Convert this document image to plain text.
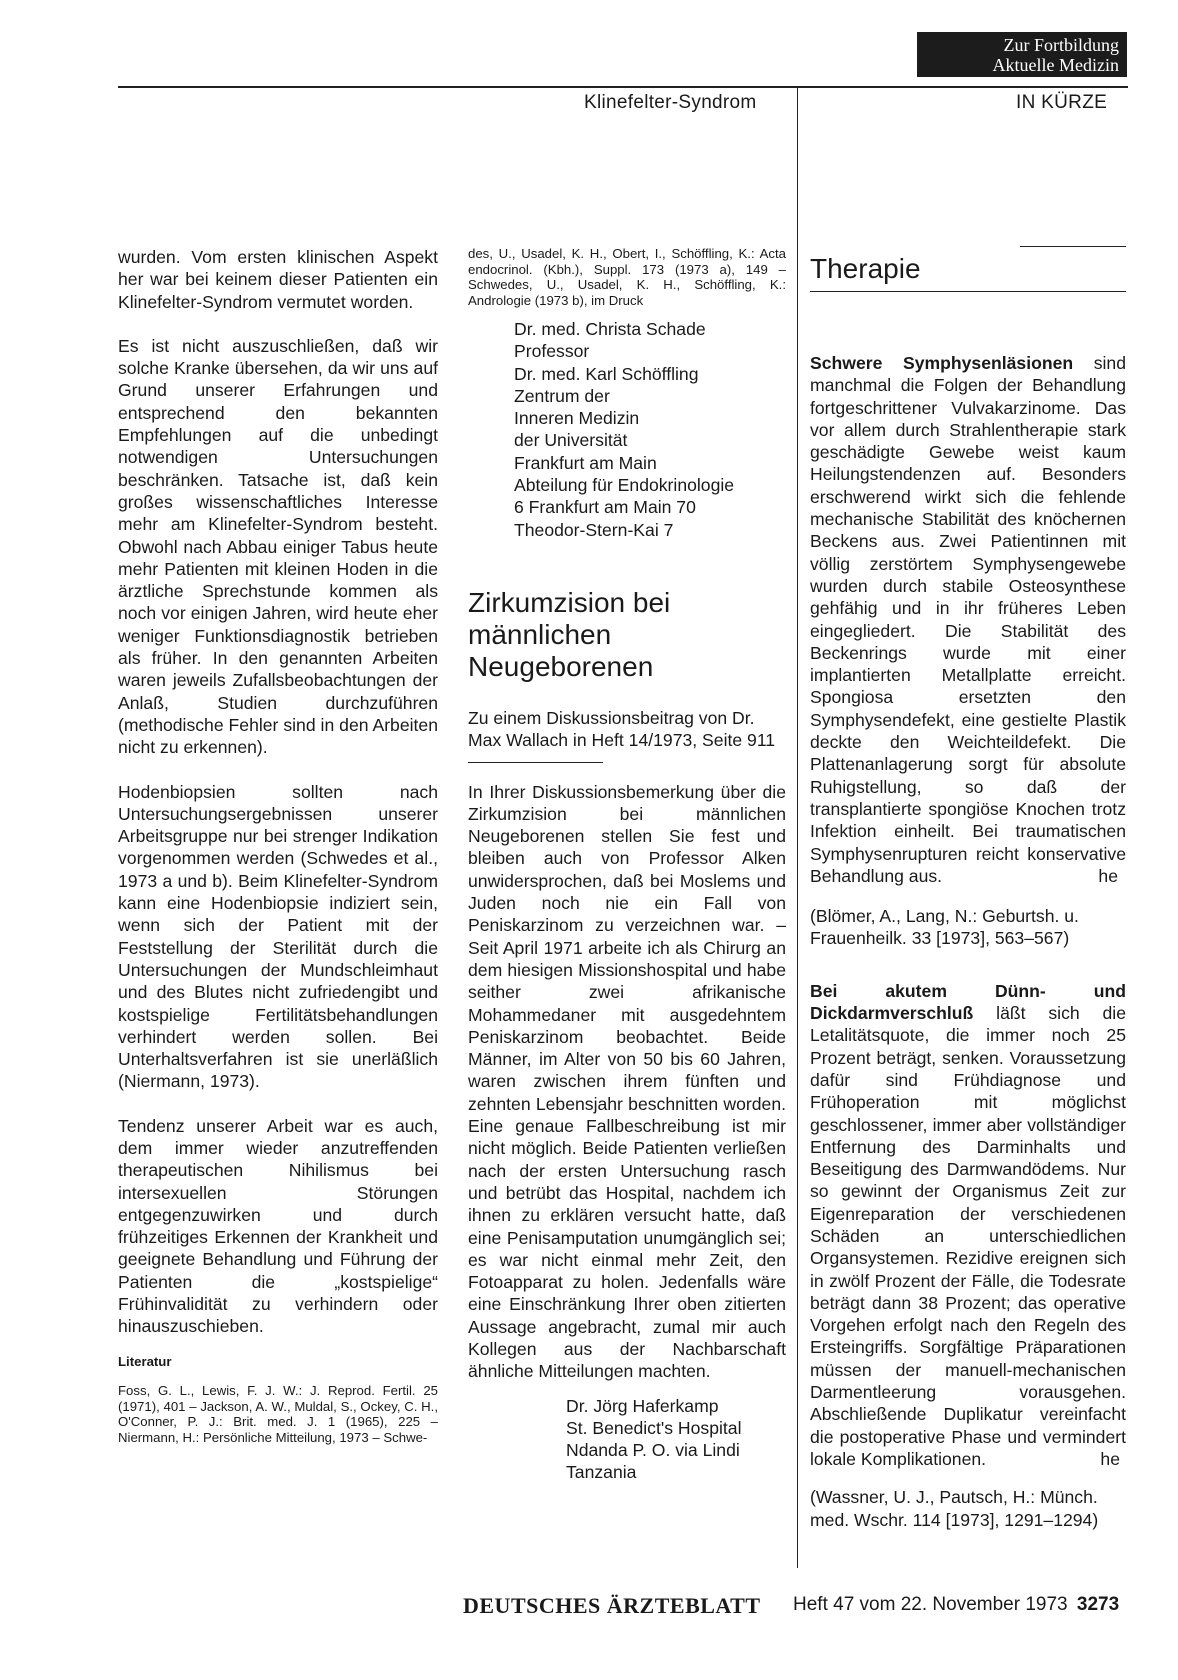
Zur Fortbildung
Aktuelle Medizin
Klinefelter-Syndrom	IN KÜRZE

wurden. Vom ersten klinischen Aspekt her war bei keinem dieser Patienten ein Klinefelter-Syndrom vermutet worden.

Es ist nicht auszuschließen, daß wir solche Kranke übersehen, da wir uns auf Grund unserer Erfahrungen und entsprechend den bekannten Empfehlungen auf die unbedingt notwendigen Untersuchungen beschränken. Tatsache ist, daß kein großes wissenschaftliches Interesse mehr am Klinefelter-Syndrom besteht. Obwohl nach Abbau einiger Tabus heute mehr Patienten mit kleinen Hoden in die ärztliche Sprechstunde kommen als noch vor einigen Jahren, wird heute eher weniger Funktionsdiagnostik betrieben als früher. In den genannten Arbeiten waren jeweils Zufallsbeobachtungen der Anlaß, Studien durchzuführen (methodische Fehler sind in den Arbeiten nicht zu erkennen).

Hodenbiopsien sollten nach Untersuchungsergebnissen unserer Arbeitsgruppe nur bei strenger Indikation vorgenommen werden (Schwedes et al., 1973 a und b). Beim Klinefelter-Syndrom kann eine Hodenbiopsie indiziert sein, wenn sich der Patient mit der Feststellung der Sterilität durch die Untersuchungen der Mundschleimhaut und des Blutes nicht zufriedengibt und kostspielige Fertilitätsbehandlungen verhindert werden sollen. Bei Unterhaltsverfahren ist sie unerläßlich (Niermann, 1973).

Tendenz unserer Arbeit war es auch, dem immer wieder anzutreffenden therapeutischen Nihilismus bei intersexuellen Störungen entgegenzuwirken und durch frühzeitiges Erkennen der Krankheit und geeignete Behandlung und Führung der Patienten die „kostspielige“ Frühinvalidität zu verhindern oder hinauszuschieben.

Literatur

Foss, G. L., Lewis, F. J. W.: J. Reprod. Fertil. 25 (1971), 401 – Jackson, A. W., Muldal, S., Ockey, C. H., O'Conner, P. J.: Brit. med. J. 1 (1965), 225 – Niermann, H.: Persönliche Mitteilung, 1973 – Schwe-

des, U., Usadel, K. H., Obert, I., Schöffling, K.: Acta endocrinol. (Kbh.), Suppl. 173 (1973 a), 149 – Schwedes, U., Usadel, K. H., Schöffling, K.: Andrologie (1973 b), im Druck

Dr. med. Christa Schade
Professor
Dr. med. Karl Schöffling
Zentrum der
Inneren Medizin
der Universität
Frankfurt am Main
Abteilung für Endokrinologie
6 Frankfurt am Main 70
Theodor-Stern-Kai 7
Zirkumzision bei
männlichen
Neugeborenen

Zu einem Diskussionsbeitrag von Dr. Max Wallach in Heft 14/1973, Seite 911

In Ihrer Diskussionsbemerkung über die Zirkumzision bei männlichen Neugeborenen stellen Sie fest und bleiben auch von Professor Alken unwidersprochen, daß bei Moslems und Juden noch nie ein Fall von Peniskarzinom zu verzeichnen war. – Seit April 1971 arbeite ich als Chirurg an dem hiesigen Missionshospital und habe seither zwei afrikanische Mohammedaner mit ausgedehntem Peniskarzinom beobachtet. Beide Männer, im Alter von 50 bis 60 Jahren, waren zwischen ihrem fünften und zehnten Lebensjahr beschnitten worden. Eine genaue Fallbeschreibung ist mir nicht möglich. Beide Patienten verließen nach der ersten Untersuchung rasch und betrübt das Hospital, nachdem ich ihnen zu erklären versucht hatte, daß eine Penisamputation unumgänglich sei; es war nicht einmal mehr Zeit, den Fotoapparat zu holen. Jedenfalls wäre eine Einschränkung Ihrer oben zitierten Aussage angebracht, zumal mir auch Kollegen aus der Nachbarschaft ähnliche Mitteilungen machten.

Dr. Jörg Haferkamp
St. Benedict's Hospital
Ndanda P. O. via Lindi
Tanzania
Therapie

Schwere Symphysenläsionen sind manchmal die Folgen der Behandlung fortgeschrittener Vulvakarzinome. Das vor allem durch Strahlentherapie stark geschädigte Gewebe weist kaum Heilungstendenzen auf. Besonders erschwerend wirkt sich die fehlende mechanische Stabilität des knöchernen Beckens aus. Zwei Patientinnen mit völlig zerstörtem Symphysengewebe wurden durch stabile Osteosynthese gehfähig und in ihr früheres Leben eingegliedert. Die Stabilität des Beckenrings wurde mit einer implantierten Metallplatte erreicht. Spongiosa ersetzten den Symphysendefekt, eine gestielte Plastik deckte den Weichteildefekt. Die Plattenanlagerung sorgt für absolute Ruhigstellung, so daß der transplantierte spongiöse Knochen trotz Infektion einheilt. Bei traumatischen Symphysenrupturen reicht konservative Behandlung aus.	he

(Blömer, A., Lang, N.: Geburtsh. u. Frauenheilk. 33 [1973], 563–567)

Bei akutem Dünn- und Dickdarmverschluß läßt sich die Letalitätsquote, die immer noch 25 Prozent beträgt, senken. Voraussetzung dafür sind Frühdiagnose und Frühoperation mit möglichst geschlossener, immer aber vollständiger Entfernung des Darminhalts und Beseitigung des Darmwandödems. Nur so gewinnt der Organismus Zeit zur Eigenreparation der verschiedenen Schäden an unterschiedlichen Organsystemen. Rezidive ereignen sich in zwölf Prozent der Fälle, die Todesrate beträgt dann 38 Prozent; das operative Vorgehen erfolgt nach den Regeln des Ersteingriffs. Sorgfältige Präparationen müssen der manuell-mechanischen Darmentleerung vorausgehen. Abschließende Duplikatur vereinfacht die postoperative Phase und vermindert lokale Komplikationen.	he

(Wassner, U. J., Pautsch, H.: Münch. med. Wschr. 114 [1973], 1291–1294)

DEUTSCHES ÄRZTEBLATT Heft 47 vom 22. November 1973 3273
